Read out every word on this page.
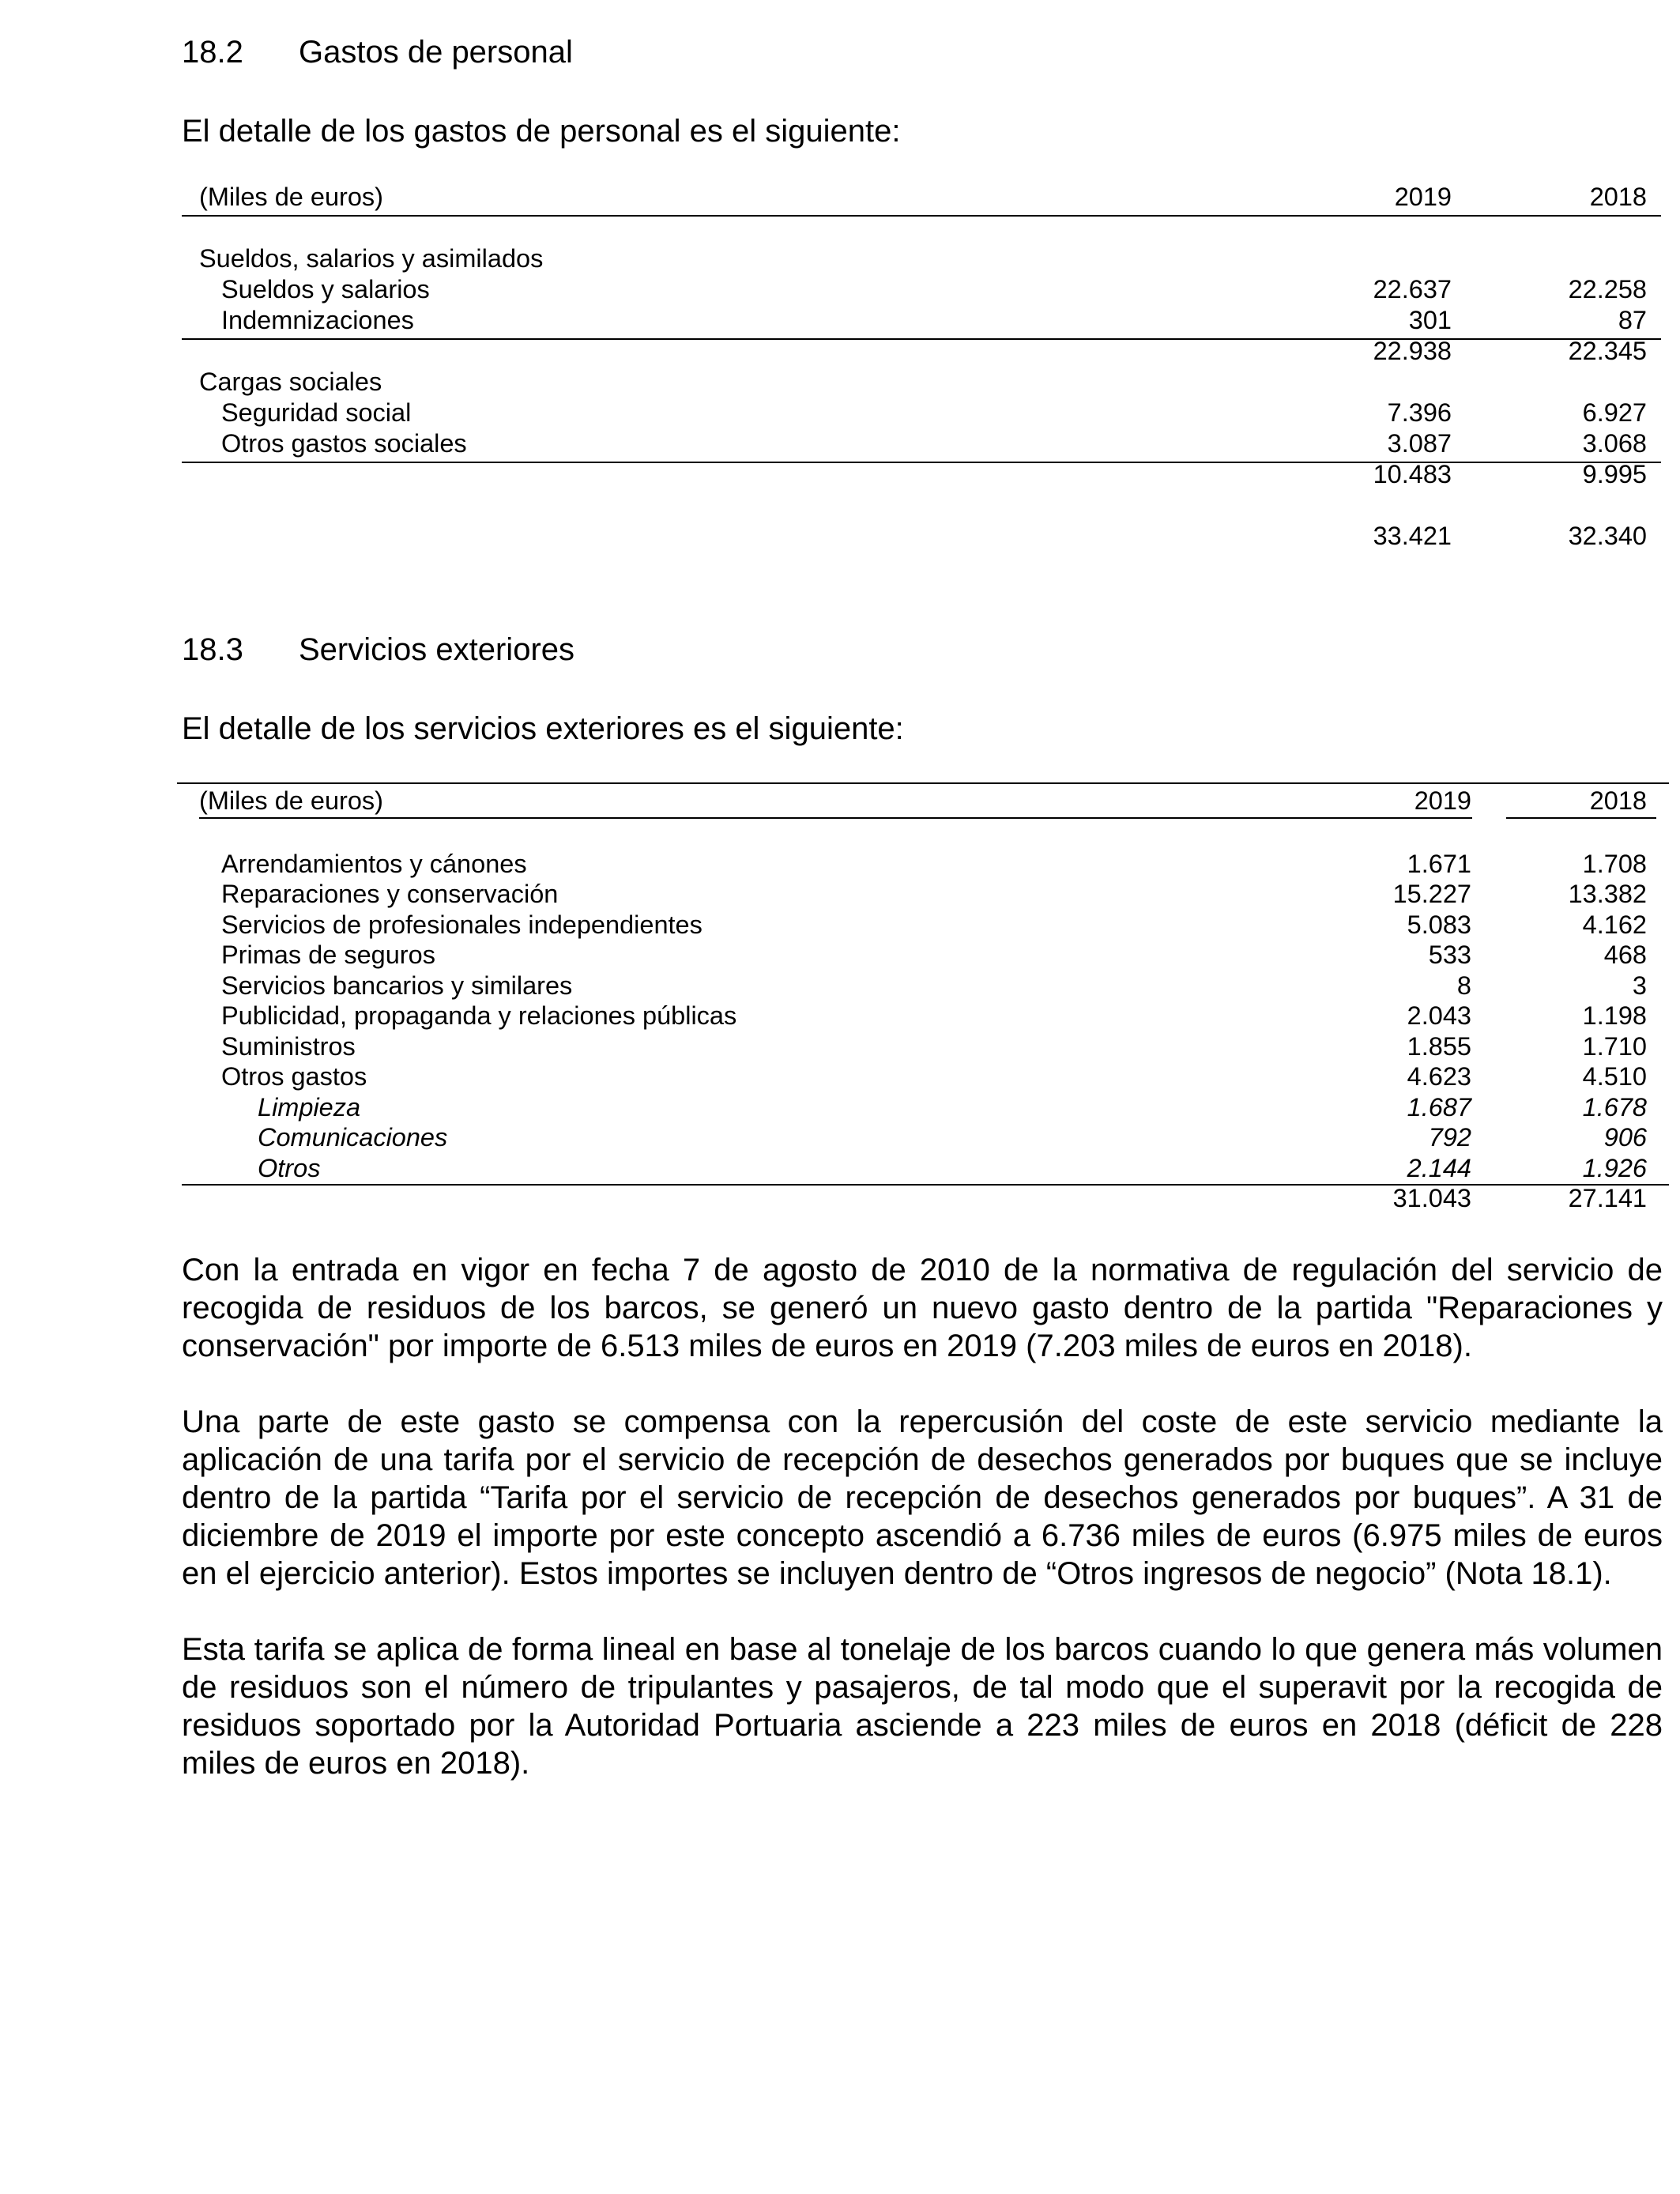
18.2 Gastos de personal
El detalle de los gastos de personal es el siguiente:
(Miles de euros)	2019	2018
Sueldos, salarios y asimilados
Sueldos y salarios	22.637	22.258
Indemnizaciones	301	87
22.938	22.345
Cargas sociales
Seguridad social	7.396	6.927
Otros gastos sociales	3.087	3.068
10.483	9.995
33.421	32.340
18.3 Servicios exteriores
El detalle de los servicios exteriores es el siguiente:
(Miles de euros)	2019	2018
Arrendamientos y cánones	1.671	1.708
Reparaciones y conservación	15.227	13.382
Servicios de profesionales independientes	5.083	4.162
Primas de seguros	533	468
Servicios bancarios y similares	8	3
Publicidad, propaganda y relaciones públicas	2.043	1.198
Suministros	1.855	1.710
Otros gastos	4.623	4.510
Limpieza	1.687	1.678
Comunicaciones	792	906
Otros	2.144	1.926
31.043	27.141
Con la entrada en vigor en fecha 7 de agosto de 2010 de la normativa de regulación del servicio de recogida de residuos de los barcos, se generó un nuevo gasto dentro de la partida "Reparaciones y conservación" por importe de 6.513 miles de euros en 2019 (7.203 miles de euros en 2018).
Una parte de este gasto se compensa con la repercusión del coste de este servicio mediante la aplicación de una tarifa por el servicio de recepción de desechos generados por buques que se incluye dentro de la partida “Tarifa por el servicio de recepción de desechos generados por buques”. A 31 de diciembre de 2019 el importe por este concepto ascendió a 6.736 miles de euros (6.975 miles de euros en el ejercicio anterior). Estos importes se incluyen dentro de “Otros ingresos de negocio” (Nota 18.1).
Esta tarifa se aplica de forma lineal en base al tonelaje de los barcos cuando lo que genera más volumen de residuos son el número de tripulantes y pasajeros, de tal modo que el superavit por la recogida de residuos soportado por la Autoridad Portuaria asciende a 223 miles de euros en 2018 (déficit de 228 miles de euros en 2018).
